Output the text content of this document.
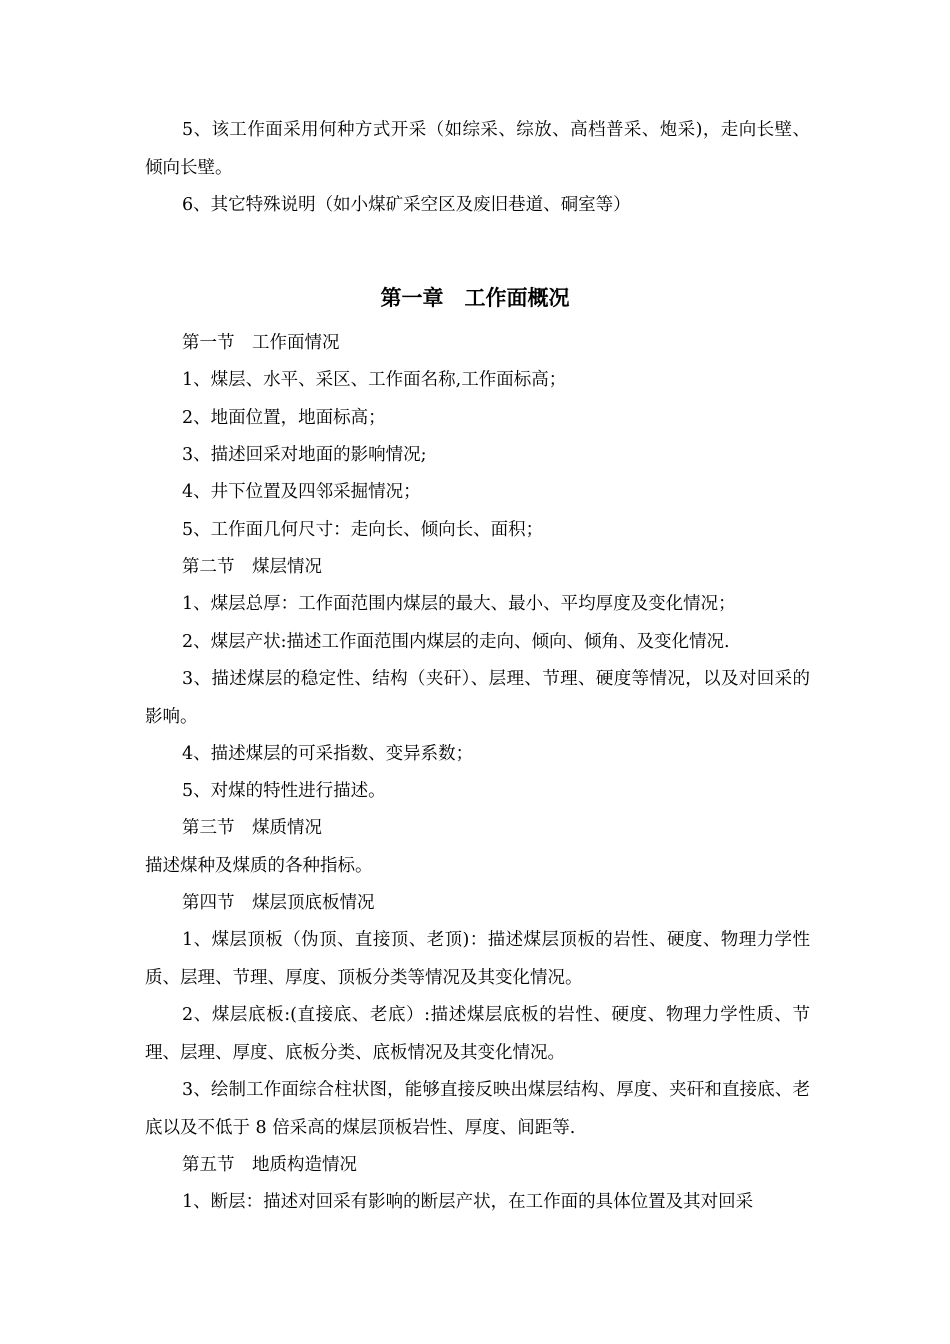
5、该工作面采用何种方式开采（如综采、综放、高档普采、炮采)，走向长壁、倾向长壁。

6、其它特殊说明（如小煤矿采空区及废旧巷道、硐室等）

第一章　工作面概况

第一节　工作面情况

1、煤层、水平、采区、工作面名称,工作面标高；

2、地面位置，地面标高；

3、描述回采对地面的影响情况;

4、井下位置及四邻采掘情况；

5、工作面几何尺寸：走向长、倾向长、面积；

第二节　煤层情况

1、煤层总厚：工作面范围内煤层的最大、最小、平均厚度及变化情况；

2、煤层产状:描述工作面范围内煤层的走向、倾向、倾角、及变化情况.

3、描述煤层的稳定性、结构（夹矸）、层理、节理、硬度等情况，以及对回采的影响。

4、描述煤层的可采指数、变异系数；

5、对煤的特性进行描述。

第三节　煤质情况

描述煤种及煤质的各种指标。

第四节　煤层顶底板情况

1、煤层顶板（伪顶、直接顶、老顶)：描述煤层顶板的岩性、硬度、物理力学性质、层理、节理、厚度、顶板分类等情况及其变化情况。

2、煤层底板:(直接底、老底）:描述煤层底板的岩性、硬度、物理力学性质、节理、层理、厚度、底板分类、底板情况及其变化情况。

3、绘制工作面综合柱状图，能够直接反映出煤层结构、厚度、夹矸和直接底、老底以及不低于 8 倍采高的煤层顶板岩性、厚度、间距等.

第五节　地质构造情况

1、断层：描述对回采有影响的断层产状，在工作面的具体位置及其对回采
